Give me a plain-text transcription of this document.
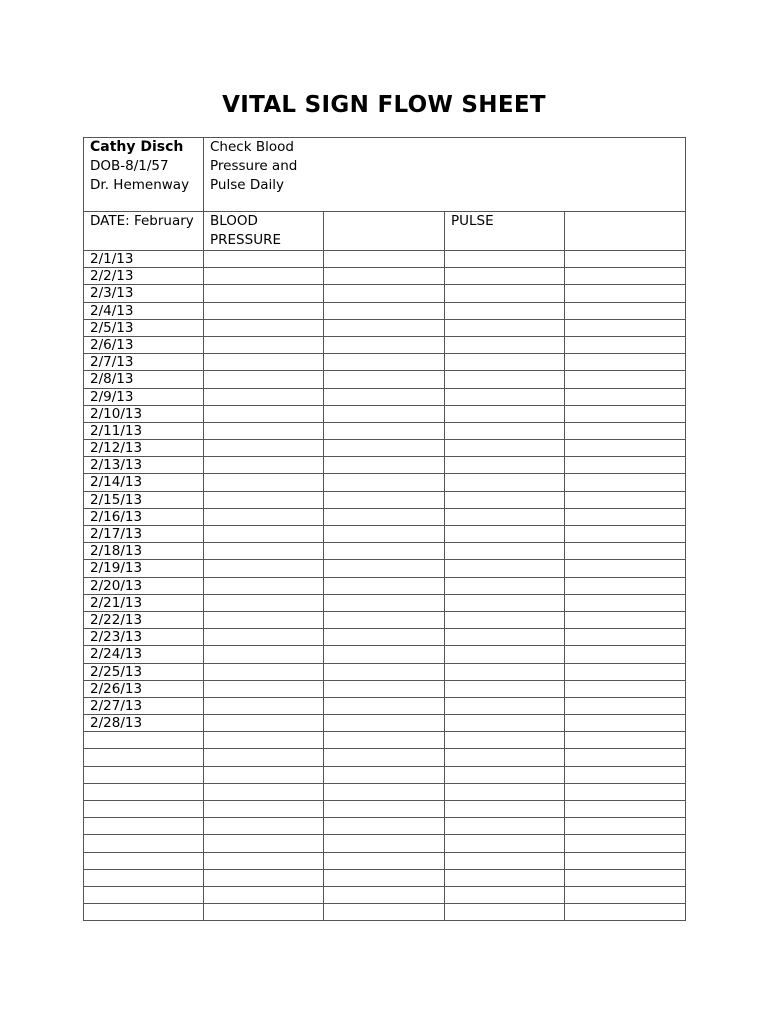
VITAL SIGN FLOW SHEET
Cathy Disch
DOB-8/1/57
Dr. Hemenway	Check Blood Pressure and Pulse Daily			

DATE: February	BLOOD PRESSURE		PULSE	
2/1/13				
2/2/13				
2/3/13				
2/4/13				
2/5/13				
2/6/13				
2/7/13				
2/8/13				
2/9/13				
2/10/13				
2/11/13				
2/12/13				
2/13/13				
2/14/13				
2/15/13				
2/16/13				
2/17/13				
2/18/13				
2/19/13				
2/20/13				
2/21/13				
2/22/13				
2/23/13				
2/24/13				
2/25/13				
2/26/13				
2/27/13				
2/28/13				
